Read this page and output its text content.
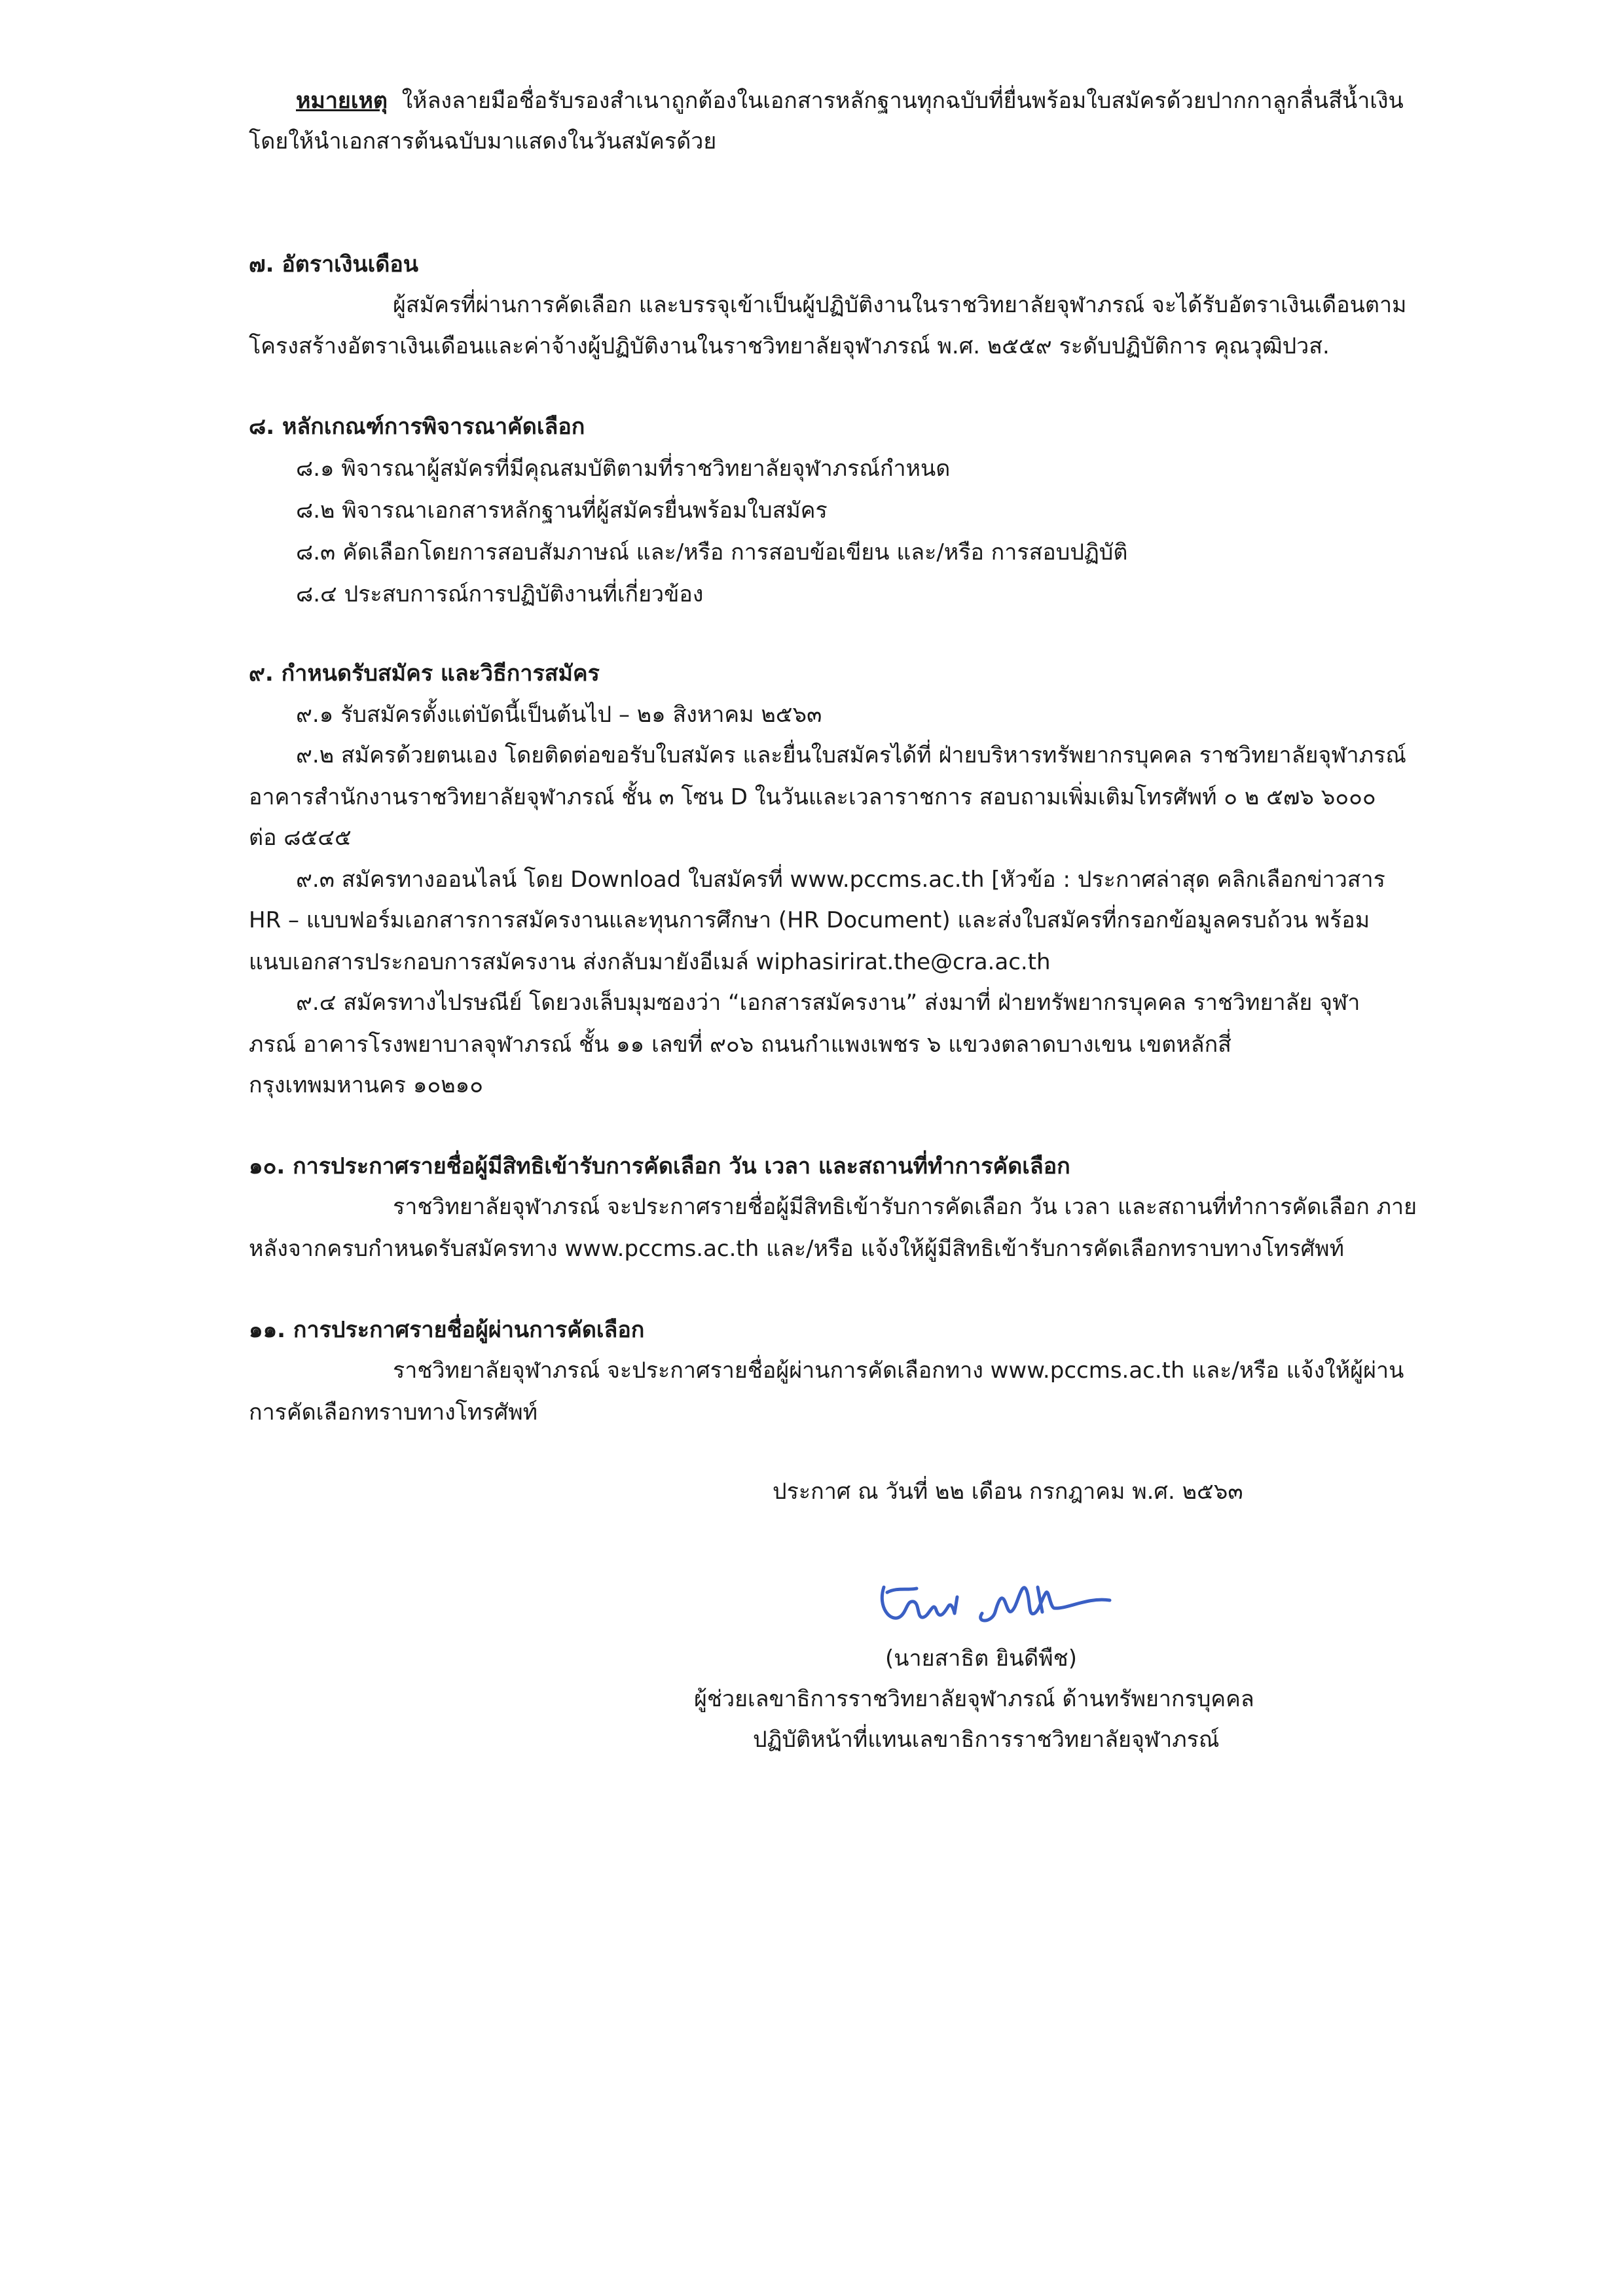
หมายเหตุ ให้ลงลายมือชื่อรับรองสำเนาถูกต้องในเอกสารหลักฐานทุกฉบับที่ยื่นพร้อมใบสมัครด้วยปากกาลูกลื่นสีน้ำเงิน
โดยให้นำเอกสารต้นฉบับมาแสดงในวันสมัครด้วย
๗. อัตราเงินเดือน
ผู้สมัครที่ผ่านการคัดเลือก และบรรจุเข้าเป็นผู้ปฏิบัติงานในราชวิทยาลัยจุฬาภรณ์ จะได้รับอัตราเงินเดือนตาม
โครงสร้างอัตราเงินเดือนและค่าจ้างผู้ปฏิบัติงานในราชวิทยาลัยจุฬาภรณ์ พ.ศ. ๒๕๕๙ ระดับปฏิบัติการ คุณวุฒิปวส.
๘. หลักเกณฑ์การพิจารณาคัดเลือก
๘.๑ พิจารณาผู้สมัครที่มีคุณสมบัติตามที่ราชวิทยาลัยจุฬาภรณ์กำหนด
๘.๒ พิจารณาเอกสารหลักฐานที่ผู้สมัครยื่นพร้อมใบสมัคร
๘.๓ คัดเลือกโดยการสอบสัมภาษณ์ และ/หรือ การสอบข้อเขียน และ/หรือ การสอบปฏิบัติ
๘.๔ ประสบการณ์การปฏิบัติงานที่เกี่ยวข้อง
๙. กำหนดรับสมัคร และวิธีการสมัคร
๙.๑ รับสมัครตั้งแต่บัดนี้เป็นต้นไป – ๒๑ สิงหาคม ๒๕๖๓
๙.๒ สมัครด้วยตนเอง โดยติดต่อขอรับใบสมัคร และยื่นใบสมัครได้ที่ ฝ่ายบริหารทรัพยากรบุคคล ราชวิทยาลัยจุฬาภรณ์
อาคารสำนักงานราชวิทยาลัยจุฬาภรณ์ ชั้น ๓ โซน D ในวันและเวลาราชการ สอบถามเพิ่มเติมโทรศัพท์ ๐ ๒ ๕๗๖ ๖๐๐๐
ต่อ ๘๕๔๕
๙.๓ สมัครทางออนไลน์ โดย Download ใบสมัครที่ www.pccms.ac.th [หัวข้อ : ประกาศล่าสุด คลิกเลือกข่าวสาร
HR – แบบฟอร์มเอกสารการสมัครงานและทุนการศึกษา (HR Document) และส่งใบสมัครที่กรอกข้อมูลครบถ้วน พร้อม
แนบเอกสารประกอบการสมัครงาน ส่งกลับมายังอีเมล์ wiphasirirat.the@cra.ac.th
๙.๔ สมัครทางไปรษณีย์ โดยวงเล็บมุมซองว่า “เอกสารสมัครงาน” ส่งมาที่ ฝ่ายทรัพยากรบุคคล ราชวิทยาลัย จุฬา
ภรณ์ อาคารโรงพยาบาลจุฬาภรณ์ ชั้น ๑๑ เลขที่ ๙๐๖ ถนนกำแพงเพชร ๖ แขวงตลาดบางเขน เขตหลักสี่
กรุงเทพมหานคร ๑๐๒๑๐
๑๐. การประกาศรายชื่อผู้มีสิทธิเข้ารับการคัดเลือก วัน เวลา และสถานที่ทำการคัดเลือก
ราชวิทยาลัยจุฬาภรณ์ จะประกาศรายชื่อผู้มีสิทธิเข้ารับการคัดเลือก วัน เวลา และสถานที่ทำการคัดเลือก ภาย
หลังจากครบกำหนดรับสมัครทาง www.pccms.ac.th และ/หรือ แจ้งให้ผู้มีสิทธิเข้ารับการคัดเลือกทราบทางโทรศัพท์
๑๑. การประกาศรายชื่อผู้ผ่านการคัดเลือก
ราชวิทยาลัยจุฬาภรณ์ จะประกาศรายชื่อผู้ผ่านการคัดเลือกทาง www.pccms.ac.th และ/หรือ แจ้งให้ผู้ผ่าน
การคัดเลือกทราบทางโทรศัพท์
ประกาศ ณ วันที่ ๒๒ เดือน กรกฎาคม พ.ศ. ๒๕๖๓
(นายสาธิต ยินดีพืช)
ผู้ช่วยเลขาธิการราชวิทยาลัยจุฬาภรณ์ ด้านทรัพยากรบุคคล
ปฏิบัติหน้าที่แทนเลขาธิการราชวิทยาลัยจุฬาภรณ์
